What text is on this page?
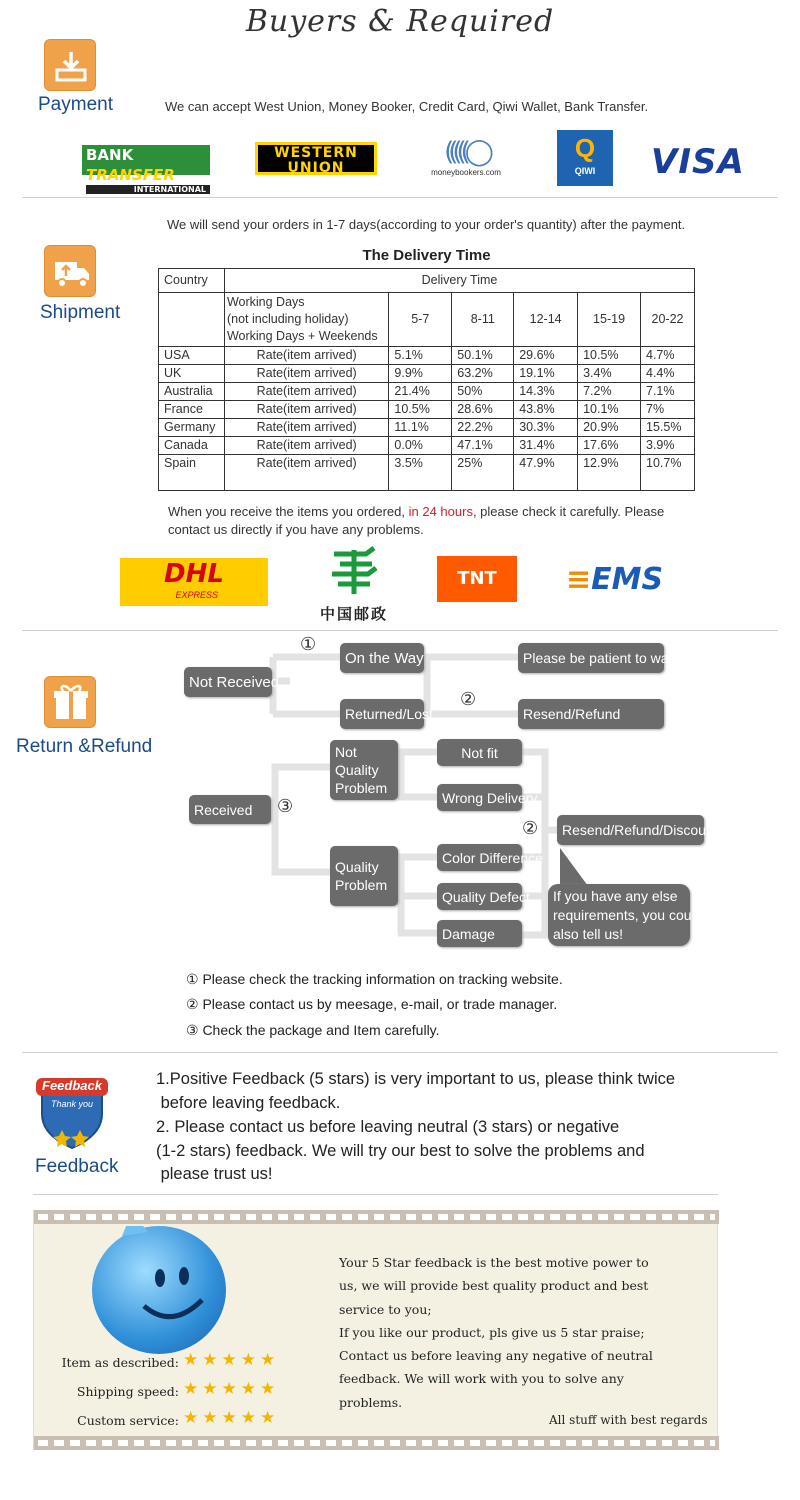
Buyers & Required
Payment	We can accept West Union, Money Booker, Credit Card, Qiwi Wallet, Bank Transfer.
BANK TRANSFER
INTERNATIONAL
WESTERN
UNION
(((((◯
moneybookers.com
Q
QIWI	VISA
We will send your orders in 1-7 days(according to your order's quantity) after the payment.
Shipment
The Delivery Time
Country	Delivery Time					

	Working Days
(not including holiday)
Working Days + Weekends	5-7	8-11	12-14	15-19	20-22
USA	Rate(item arrived)	5.1%	50.1%	29.6%	10.5%	4.7%
UK	Rate(item arrived)	9.9%	63.2%	19.1%	3.4%	4.4%
Australia	Rate(item arrived)	21.4%	50%	14.3%	7.2%	7.1%
France	Rate(item arrived)	10.5%	28.6%	43.8%	10.1%	7%
Germany	Rate(item arrived)	11.1%	22.2%	30.3%	20.9%	15.5%
Canada	Rate(item arrived)	0.0%	47.1%	31.4%	17.6%	3.9%
Spain	Rate(item arrived)	3.5%	25%	47.9%	12.9%	10.7%
When you receive the items you ordered, in 24 hours, please check it carefully. Please
contact us directly if you have any problems.
DHL
EXPRESS
中国邮政
TNT	≡EMS
Return &Refund
Not Received
①
On the Way	Please be patient to wait
Returned/Lost
②
Resend/Refund
Received	③
Not
Quality
Problem
Quality
Problem
Not fit
Wrong Delivery
Color Difference
Quality Defect
Damage
②	Resend/Refund/Discount
If you have any else
requirements, you could
also tell us!
① Please check the tracking information on tracking website.
② Please contact us by meesage, e-mail, or trade manager.
③ Check the package and Item carefully.
Feedback
Thank you
Feedback
1.Positive Feedback (5 stars) is very important to us, please think twice
before leaving feedback.
2. Please contact us before leaving neutral (3 stars) or negative
(1-2 stars) feedback. We will try our best to solve the problems and
please trust us!
Item as described: ★★★★★
Shipping speed: ★★★★★
Custom service: ★★★★★
Your 5 Star feedback is the best motive power to
us, we will provide best quality product and best
service to you;
If you like our product, pls give us 5 star praise;
Contact us before leaving any negative of neutral
feedback. We will work with you to solve any
problems.
All stuff with best regards
